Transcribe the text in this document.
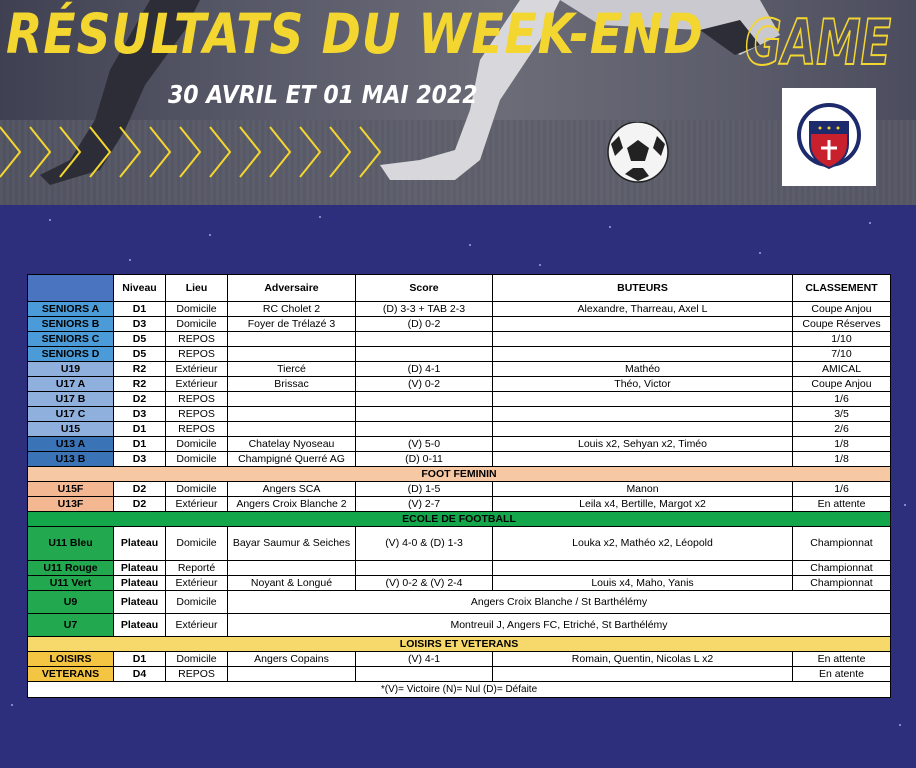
RÉSULTATS DU WEEK-END
30 AVRIL ET 01 MAI 2022
GAME
	Niveau	Lieu	Adversaire	Score	BUTEURS	CLASSEMENT
SENIORS A	D1	Domicile	RC Cholet 2	(D) 3-3 + TAB 2-3	Alexandre, Tharreau, Axel L	Coupe Anjou
SENIORS B	D3	Domicile	Foyer de Trélazé 3	(D) 0-2		Coupe Réserves
SENIORS C	D5	REPOS				1/10
SENIORS D	D5	REPOS				7/10
U19	R2	Extérieur	Tiercé	(D) 4-1	Mathéo	AMICAL
U17 A	R2	Extérieur	Brissac	(V) 0-2	Théo, Victor	Coupe Anjou
U17 B	D2	REPOS				1/6
U17 C	D3	REPOS				3/5
U15	D1	REPOS				2/6
U13 A	D1	Domicile	Chatelay Nyoseau	(V) 5-0	Louis x2, Sehyan x2, Timéo	1/8
U13 B	D3	Domicile	Champigné Querré AG	(D) 0-11		1/8
FOOT FEMININ						
U15F	D2	Domicile	Angers SCA	(D) 1-5	Manon	1/6
U13F	D2	Extérieur	Angers Croix Blanche 2	(V) 2-7	Leila x4, Bertille, Margot x2	En attente
ECOLE DE FOOTBALL						
U11 Bleu	Plateau	Domicile	Bayar Saumur & Seiches	(V) 4-0 & (D) 1-3	Louka x2, Mathéo x2, Léopold	Championnat
U11 Rouge	Plateau	Reporté				Championnat
U11 Vert	Plateau	Extérieur	Noyant & Longué	(V) 0-2 & (V) 2-4	Louis x4, Maho, Yanis	Championnat
U9	Plateau	Domicile	Angers Croix Blanche / St Barthélémy			
U7	Plateau	Extérieur	Montreuil J, Angers FC, Etriché, St Barthélémy			
LOISIRS ET VETERANS						
LOISIRS	D1	Domicile	Angers Copains	(V) 4-1	Romain, Quentin, Nicolas L x2	En attente
VETERANS	D4	REPOS				En atente
*(V)= Victoire (N)= Nul (D)= Défaite						
